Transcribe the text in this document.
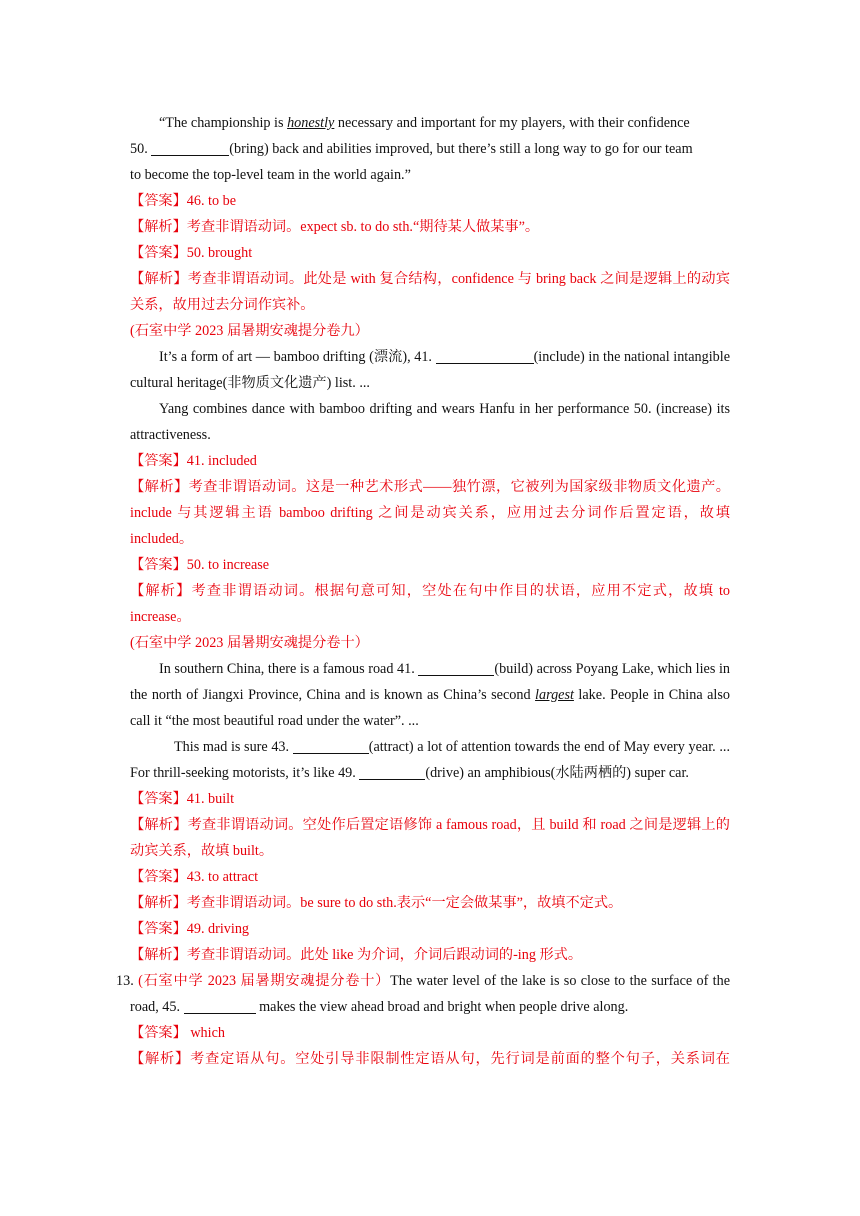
“The championship is honestly necessary and important for my players, with their confidence
50.	(bring) back and abilities improved, but there’s still a long way to go for our team
to become the top-level team in the world again.”

【答案】46. to be

【解析】考查非谓语动词。expect sb. to do sth.“期待某人做某事”。

【答案】50. brought

【解析】考查非谓语动词。此处是 with 复合结构，confidence 与 bring back 之间是逻辑上的动宾关系，故用过去分词作宾补。

(石室中学 2023 届暑期安魂提分卷九）

It’s a form of art — bamboo drifting (漂流), 41.	(include) in the national intangible cultural heritage(非物质文化遗产) list. ...

Yang combines dance with bamboo drifting and wears Hanfu in her performance 50. (increase) its attractiveness.

【答案】41. included

【解析】考查非谓语动词。这是一种艺术形式——独竹漂，它被列为国家级非物质文化遗产。include 与其逻辑主语 bamboo drifting 之间是动宾关系，应用过去分词作后置定语，故填 included。

【答案】50. to increase

【解析】考查非谓语动词。根据句意可知，空处在句中作目的状语，应用不定式，故填 to increase。

(石室中学 2023 届暑期安魂提分卷十）

In southern China, there is a famous road 41.	(build) across Poyang Lake, which lies in the north of Jiangxi Province, China and is known as China’s second largest lake. People in China also call it “the most beautiful road under the water”. ...

This mad is sure 43.	(attract) a lot of attention towards the end of May every year. ... For thrill-seeking motorists, it’s like 49.	(drive) an amphibious(水陆两栖的) super car.

【答案】41. built

【解析】考查非谓语动词。空处作后置定语修饰 a famous road，且 build 和 road 之间是逻辑上的动宾关系，故填 built。

【答案】43. to attract

【解析】考查非谓语动词。be sure to do sth.表示“一定会做某事”，故填不定式。

【答案】49. driving

【解析】考查非谓语动词。此处 like 为介词，介词后跟动词的-ing 形式。

13. (石室中学 2023 届暑期安魂提分卷十）The water level of the lake is so close to the surface of the road, 45.	makes the view ahead broad and bright when people drive along.

【答案】 which

【解析】考查定语从句。空处引导非限制性定语从句，先行词是前面的整个句子，关系词在
